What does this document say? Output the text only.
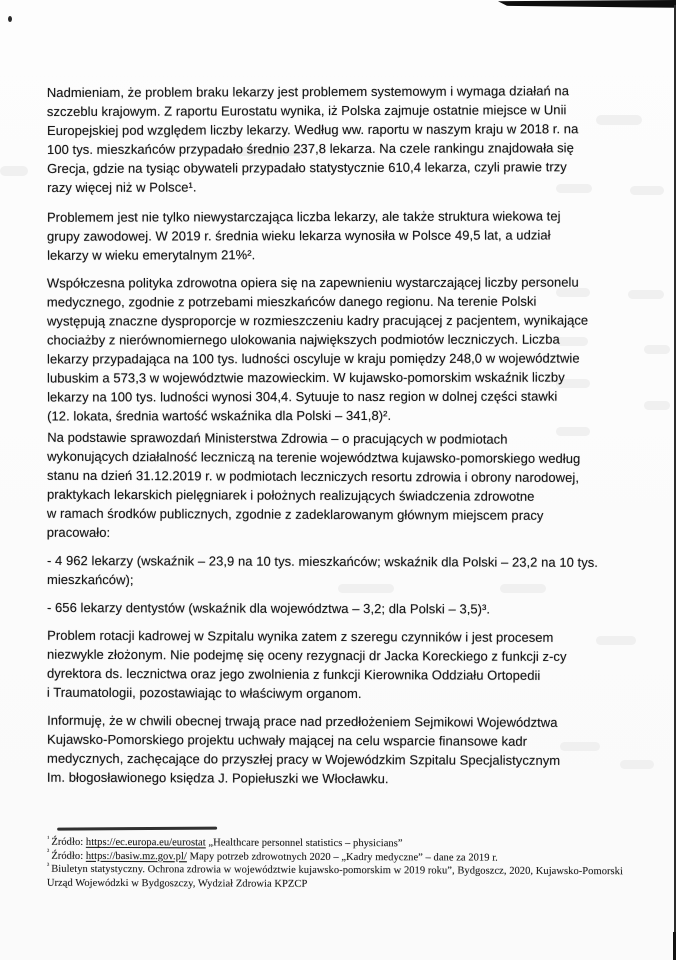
Nadmieniam, że problem braku lekarzy jest problemem systemowym i wymaga działań na
szczeblu krajowym. Z raportu Eurostatu wynika, iż Polska zajmuje ostatnie miejsce w Unii
Europejskiej pod względem liczby lekarzy. Według ww. raportu w naszym kraju w 2018 r. na
100 tys. mieszkańców przypadało średnio 237,8 lekarza. Na czele rankingu znajdowała się
Grecja, gdzie na tysiąc obywateli przypadało statystycznie 610,4 lekarza, czyli prawie trzy
razy więcej niż w Polsce¹.
Problemem jest nie tylko niewystarczająca liczba lekarzy, ale także struktura wiekowa tej
grupy zawodowej. W 2019 r. średnia wieku lekarza wynosiła w Polsce 49,5 lat, a udział
lekarzy w wieku emerytalnym 21%².
Współczesna polityka zdrowotna opiera się na zapewnieniu wystarczającej liczby personelu
medycznego, zgodnie z potrzebami mieszkańców danego regionu. Na terenie Polski
występują znaczne dysproporcje w rozmieszczeniu kadry pracującej z pacjentem, wynikające
chociażby z nierównomiernego ulokowania największych podmiotów leczniczych. Liczba
lekarzy przypadająca na 100 tys. ludności oscyluje w kraju pomiędzy 248,0 w województwie
lubuskim a 573,3 w województwie mazowieckim. W kujawsko-pomorskim wskaźnik liczby
lekarzy na 100 tys. ludności wynosi 304,4. Sytuuje to nasz region w dolnej części stawki
(12. lokata, średnia wartość wskaźnika dla Polski – 341,8)².
Na podstawie sprawozdań Ministerstwa Zdrowia – o pracujących w podmiotach
wykonujących działalność leczniczą na terenie województwa kujawsko-pomorskiego według
stanu na dzień 31.12.2019 r. w podmiotach leczniczych resortu zdrowia i obrony narodowej,
praktykach lekarskich pielęgniarek i położnych realizujących świadczenia zdrowotne
w ramach środków publicznych, zgodnie z zadeklarowanym głównym miejscem pracy
pracowało:
- 4 962 lekarzy (wskaźnik – 23,9 na 10 tys. mieszkańców; wskaźnik dla Polski – 23,2 na 10 tys.
mieszkańców);
- 656 lekarzy dentystów (wskaźnik dla województwa – 3,2; dla Polski – 3,5)³.
Problem rotacji kadrowej w Szpitalu wynika zatem z szeregu czynników i jest procesem
niezwykle złożonym. Nie podejmę się oceny rezygnacji dr Jacka Koreckiego z funkcji z-cy
dyrektora ds. lecznictwa oraz jego zwolnienia z funkcji Kierownika Oddziału Ortopedii
i Traumatologii, pozostawiając to właściwym organom.
Informuję, że w chwili obecnej trwają prace nad przedłożeniem Sejmikowi Województwa
Kujawsko-Pomorskiego projektu uchwały mającej na celu wsparcie finansowe kadr
medycznych, zachęcające do przyszłej pracy w Wojewódzkim Szpitalu Specjalistycznym
Im. błogosławionego księdza J. Popiełuszki we Włocławku.
$^{^1}$ Źródło: https://ec.europa.eu/eurostat „Healthcare personnel statistics – physicians”
$^{^2}$ Źródło: https://basiw.mz.gov.pl/ Mapy potrzeb zdrowotnych 2020 – „Kadry medyczne” – dane za 2019 r.
$^{^3}$ Biuletyn statystyczny. Ochrona zdrowia w województwie kujawsko-pomorskim w 2019 roku”, Bydgoszcz, 2020, Kujawsko-Pomorski Urząd Wojewódzki w Bydgoszczy, Wydział Zdrowia KPZCP
